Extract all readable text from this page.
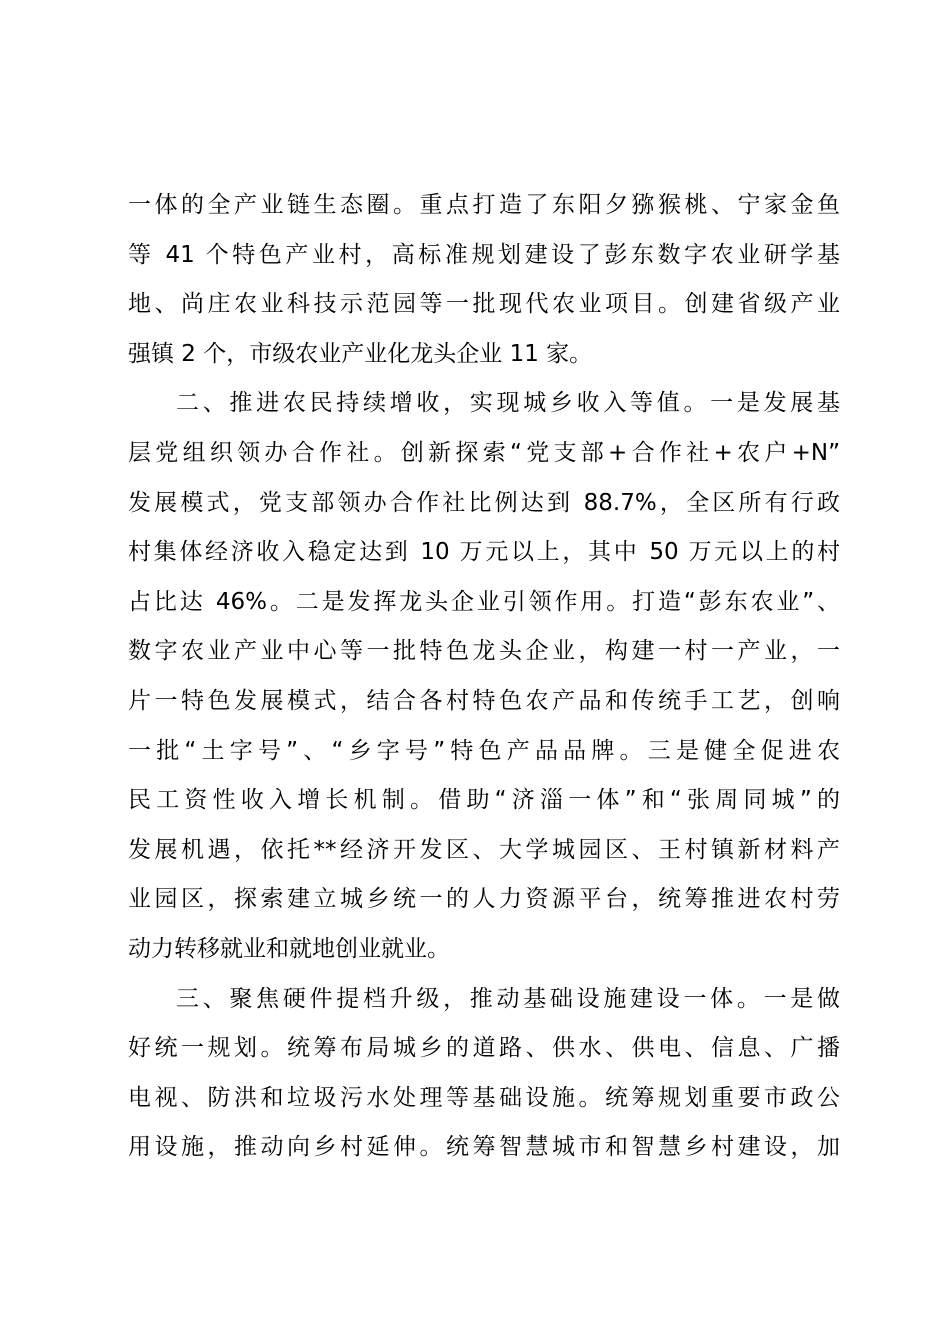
一体的全产业链生态圈。重点打造了东阳夕猕猴桃、宁家金鱼
等 41 个特色产业村，高标准规划建设了彭东数字农业研学基
地、尚庄农业科技示范园等一批现代农业项目。创建省级产业
强镇 2 个，市级农业产业化龙头企业 11 家。
二、推进农民持续增收，实现城乡收入等值。一是发展基
层党组织领办合作社。创新探索“党支部+合作社+农户+N”
发展模式，党支部领办合作社比例达到 88.7%，全区所有行政
村集体经济收入稳定达到 10 万元以上，其中 50 万元以上的村
占比达 46%。二是发挥龙头企业引领作用。打造“彭东农业”、
数字农业产业中心等一批特色龙头企业，构建一村一产业，一
片一特色发展模式，结合各村特色农产品和传统手工艺，创响
一批“土字号”、“乡字号”特色产品品牌。三是健全促进农
民工资性收入增长机制。借助“济淄一体”和“张周同城”的
发展机遇，依托**经济开发区、大学城园区、王村镇新材料产
业园区，探索建立城乡统一的人力资源平台，统筹推进农村劳
动力转移就业和就地创业就业。
三、聚焦硬件提档升级，推动基础设施建设一体。一是做
好统一规划。统筹布局城乡的道路、供水、供电、信息、广播
电视、防洪和垃圾污水处理等基础设施。统筹规划重要市政公
用设施，推动向乡村延伸。统筹智慧城市和智慧乡村建设，加
